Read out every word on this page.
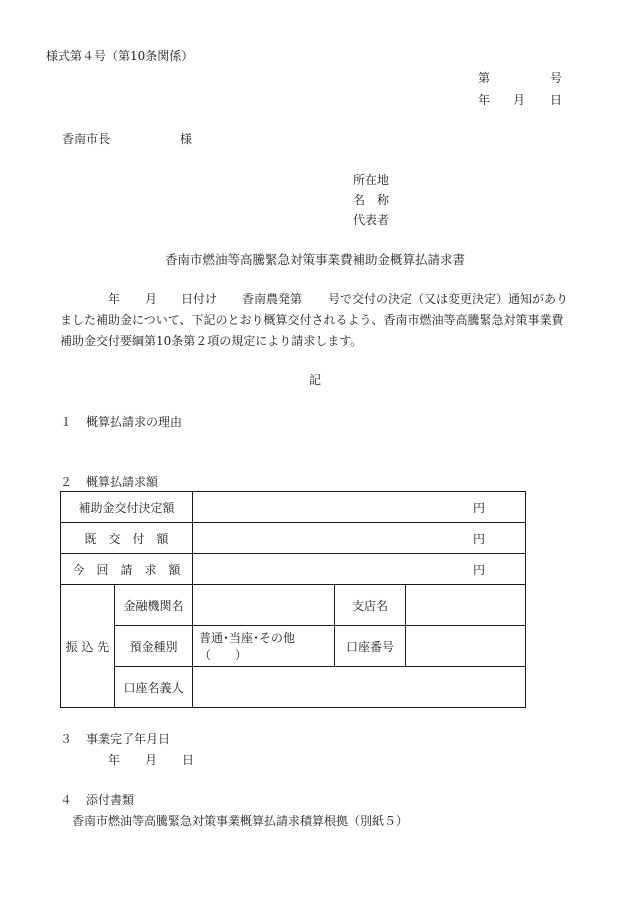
様式第４号（第10条関係）
第	号
年 月 日
香南市長	様
所在地
名　称
代表者
香南市燃油等高騰緊急対策事業費補助金概算払請求書
年 月 日付け 香南農発第 号で交付の決定（又は変更決定）通知があり
ました補助金について、下記のとおり概算交付されるよう、香南市燃油等高騰緊急対策事業費
補助金交付要綱第10条第２項の規定により請求します。
記
１ 概算払請求の理由
２ 概算払請求額
補助金交付決定額		円		
既　交　付　額		円		
今　回　請　求　額		円		
振 込 先	金融機関名		支店名	
	預金種別	普通･当座･その他（　　）	口座番号	
	口座名義人			
３ 事業完了年月日
年 月 日
４ 添付書類
香南市燃油等高騰緊急対策事業概算払請求積算根拠（別紙５）
